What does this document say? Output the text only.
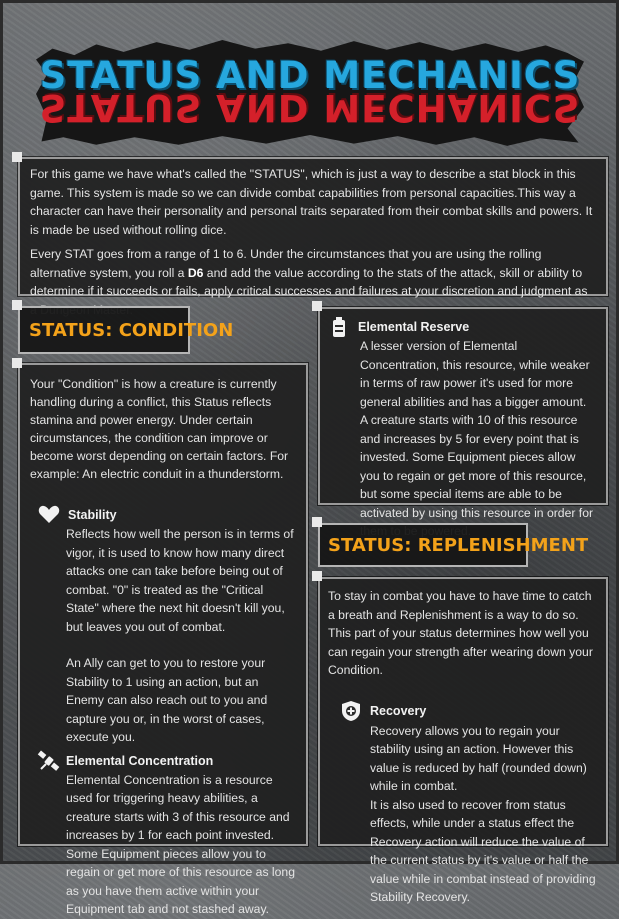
STATUS AND MECHANICS
STATUS AND MECHANICS

For this game we have what's called the "STATUS", which is just a way to describe a stat block in this game. This system is made so we can divide combat capabilities from personal capacities.This way a character can have their personality and personal traits separated from their combat skills and powers. It is made be used without rolling dice.

Every STAT goes from a range of 1 to 6. Under the circumstances that you are using the rolling alternative system, you roll a D6 and add the value according to the stats of the attack, skill or ability to determine if it succeeds or fails, apply critical successes and failures at your discretion and judgment as

STATUS: CONDITION

Your "Condition" is how a creature is currently handling during a conflict, this Status reflects stamina and power energy. Under certain circumstances, the condition can improve or become worst depending on certain factors. For example: An electric conduit in a thunderstorm.

Stability

Reflects how well the person is in terms of vigor, it is used to know how many direct attacks one can take before being out of combat. "0" is treated as the "Critical State" where the next hit doesn't kill you, but leaves you out of combat.

An Ally can get to you to restore your Stability to 1 using an action, but an Enemy can also reach out to you and capture you or, in the worst of cases, execute you.

Elemental Concentration

Elemental Concentration is a resource used for triggering heavy abilities, a creature starts with 3 of this resource and increases by 1 for each point invested. Some Equipment pieces allow you to regain or get more of this resource as long as you have them active within your Equipment tab and not stashed away.

Elemental Reserve

A lesser version of Elemental Concentration, this resource, while weaker in terms of raw power it's used for more general abilities and has a bigger amount. A creature starts with 10 of this resource and increases by 5 for every point that is invested. Some Equipment pieces allow you to regain or get more of this resource, but some special items are able to be activated by using this resource in order for

STATUS: REPLENISHMENT

To stay in combat you have to have time to catch a breath and Replenishment is a way to do so. This part of your status determines how well you can regain your strength after wearing down your Condition.

Recovery

Recovery allows you to regain your stability using an action. However this value is reduced by half (rounded down) while in combat.

It is also used to recover from status effects, while under a status effect the Recovery action will reduce the value of the current status by it's value or half the value while in combat instead of providing Stability Recovery.
